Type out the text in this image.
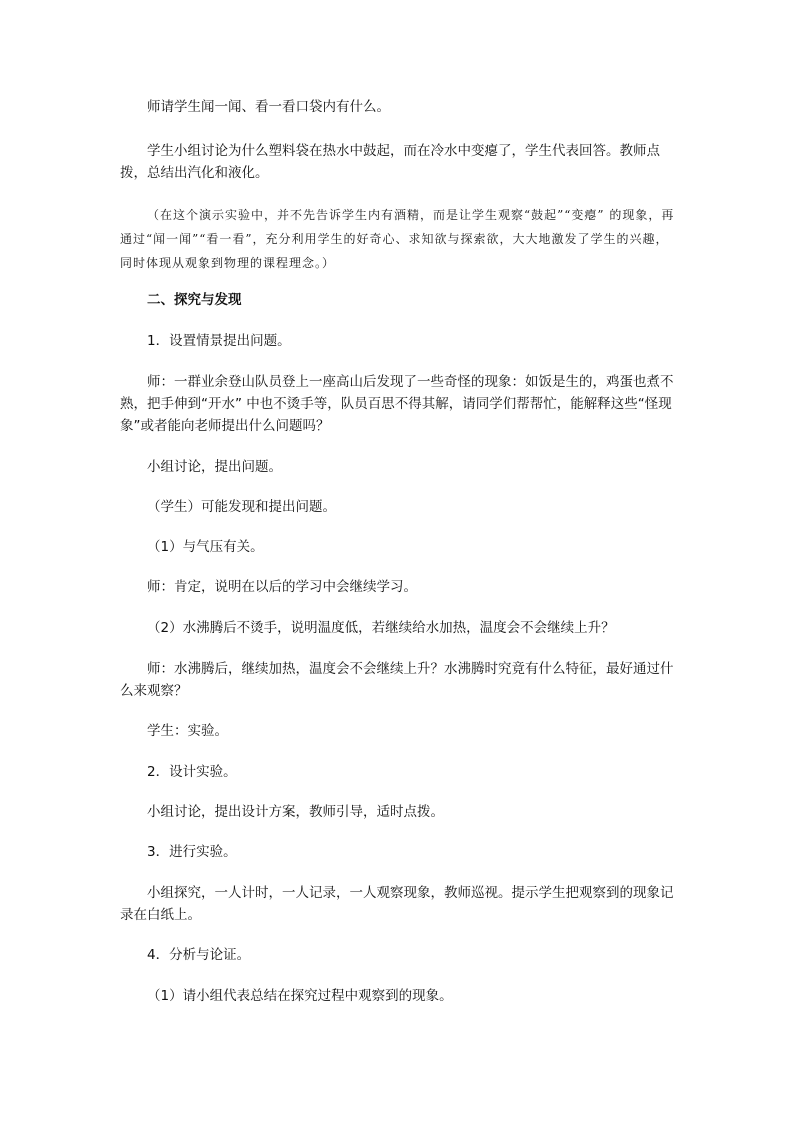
师请学生闻一闻、看一看口袋内有什么。

学生小组讨论为什么塑料袋在热水中鼓起，而在冷水中变瘪了，学生代表回答。教师点拨，总结出汽化和液化。

（在这个演示实验中，并不先告诉学生内有酒精，而是让学生观察“鼓起”“变瘪” 的现象，再通过“闻一闻”“看一看”，充分利用学生的好奇心、求知欲与探索欲，大大地激发了学生的兴趣，同时体现从观象到物理的课程理念。）

二、探究与发现

1．设置情景提出问题。

师：一群业余登山队员登上一座高山后发现了一些奇怪的现象：如饭是生的，鸡蛋也煮不熟，把手伸到“开水” 中也不烫手等，队员百思不得其解，请同学们帮帮忙，能解释这些“怪现象”或者能向老师提出什么问题吗？

小组讨论，提出问题。

（学生）可能发现和提出问题。

（1）与气压有关。

师：肯定，说明在以后的学习中会继续学习。

（2）水沸腾后不烫手，说明温度低，若继续给水加热，温度会不会继续上升？

师：水沸腾后，继续加热，温度会不会继续上升？水沸腾时究竟有什么特征，最好通过什么来观察？

学生：实验。

2．设计实验。

小组讨论，提出设计方案，教师引导，适时点拨。

3．进行实验。

小组探究，一人计时，一人记录，一人观察现象，教师巡视。提示学生把观察到的现象记录在白纸上。

4．分析与论证。

（1）请小组代表总结在探究过程中观察到的现象。
